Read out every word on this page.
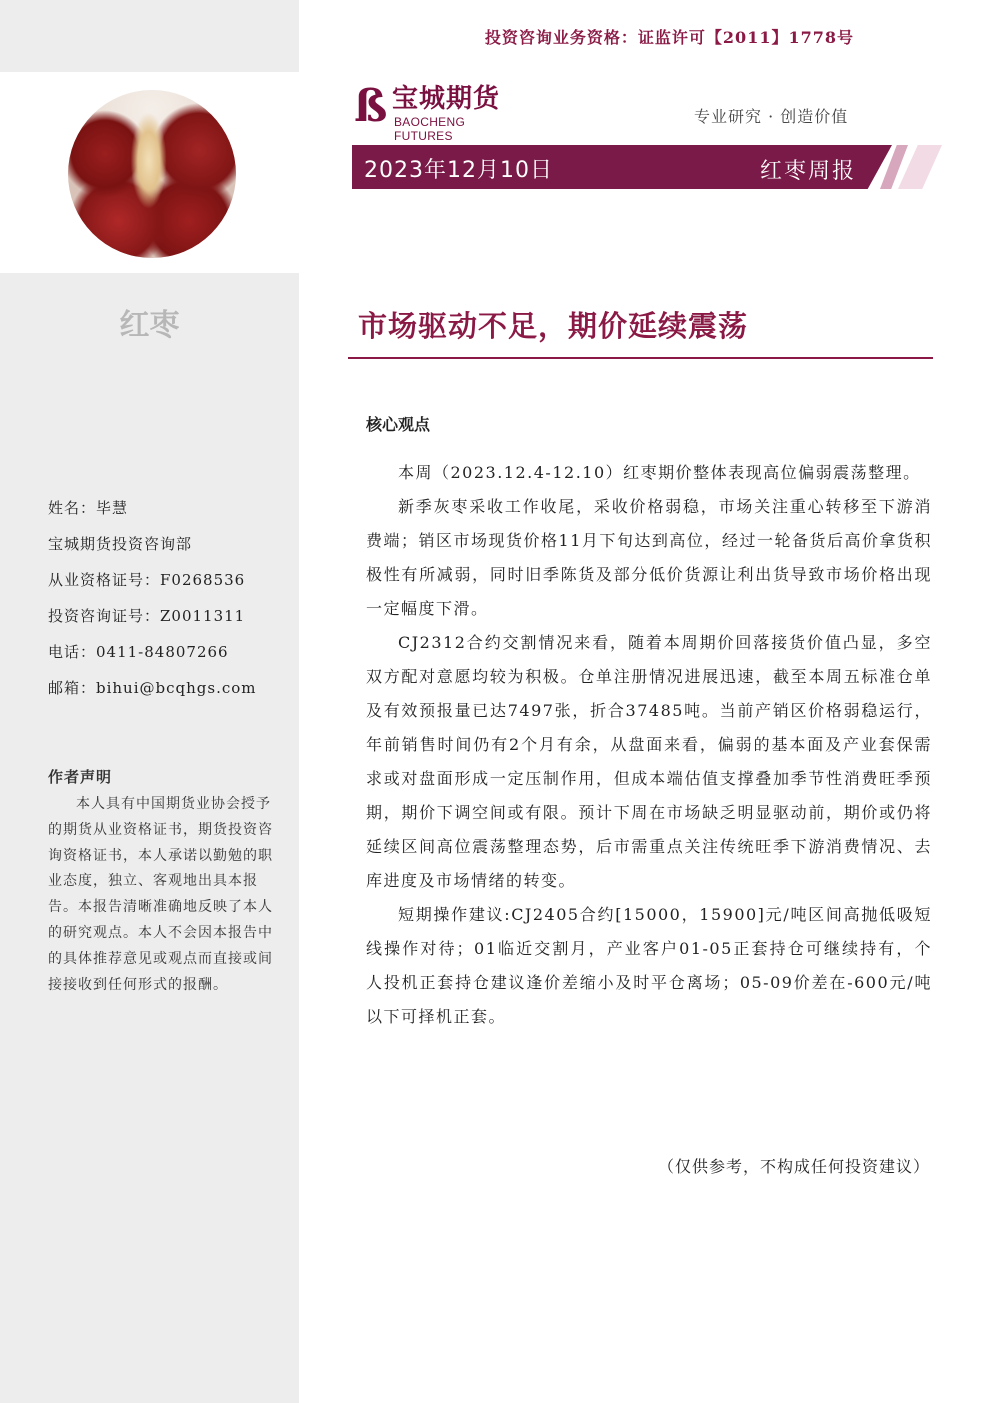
红枣
姓名：毕慧
宝城期货投资咨询部
从业资格证号：F0268536
投资咨询证号：Z0011311
电话：0411-84807266
邮箱：bihui@bcqhgs.com
作者声明
本人具有中国期货业协会授予的期货从业资格证书，期货投资咨询资格证书，本人承诺以勤勉的职业态度，独立、客观地出具本报告。本报告清晰准确地反映了本人的研究观点。本人不会因本报告中的具体推荐意见或观点而直接或间接接收到任何形式的报酬。
投资咨询业务资格：证监许可【2011】1778号
ß 宝城期货
BAOCHENG FUTURES
专业研究 · 创造价值
2023年12月10日	红枣周报
市场驱动不足，期价延续震荡
核心观点

本周（2023.12.4-12.10）红枣期价整体表现高位偏弱震荡整理。

新季灰枣采收工作收尾，采收价格弱稳，市场关注重心转移至下游消费端；销区市场现货价格11月下旬达到高位，经过一轮备货后高价拿货积极性有所减弱，同时旧季陈货及部分低价货源让利出货导致市场价格出现一定幅度下滑。

CJ2312合约交割情况来看，随着本周期价回落接货价值凸显，多空双方配对意愿均较为积极。仓单注册情况进展迅速，截至本周五标准仓单及有效预报量已达7497张，折合37485吨。当前产销区价格弱稳运行，年前销售时间仍有2个月有余，从盘面来看，偏弱的基本面及产业套保需求或对盘面形成一定压制作用，但成本端估值支撑叠加季节性消费旺季预期，期价下调空间或有限。预计下周在市场缺乏明显驱动前，期价或仍将延续区间高位震荡整理态势，后市需重点关注传统旺季下游消费情况、去库进度及市场情绪的转变。

短期操作建议:CJ2405合约[15000，15900]元/吨区间高抛低吸短线操作对待；01临近交割月，产业客户01-05正套持仓可继续持有，个人投机正套持仓建议逢价差缩小及时平仓离场；05-09价差在-600元/吨以下可择机正套。

（仅供参考，不构成任何投资建议）
